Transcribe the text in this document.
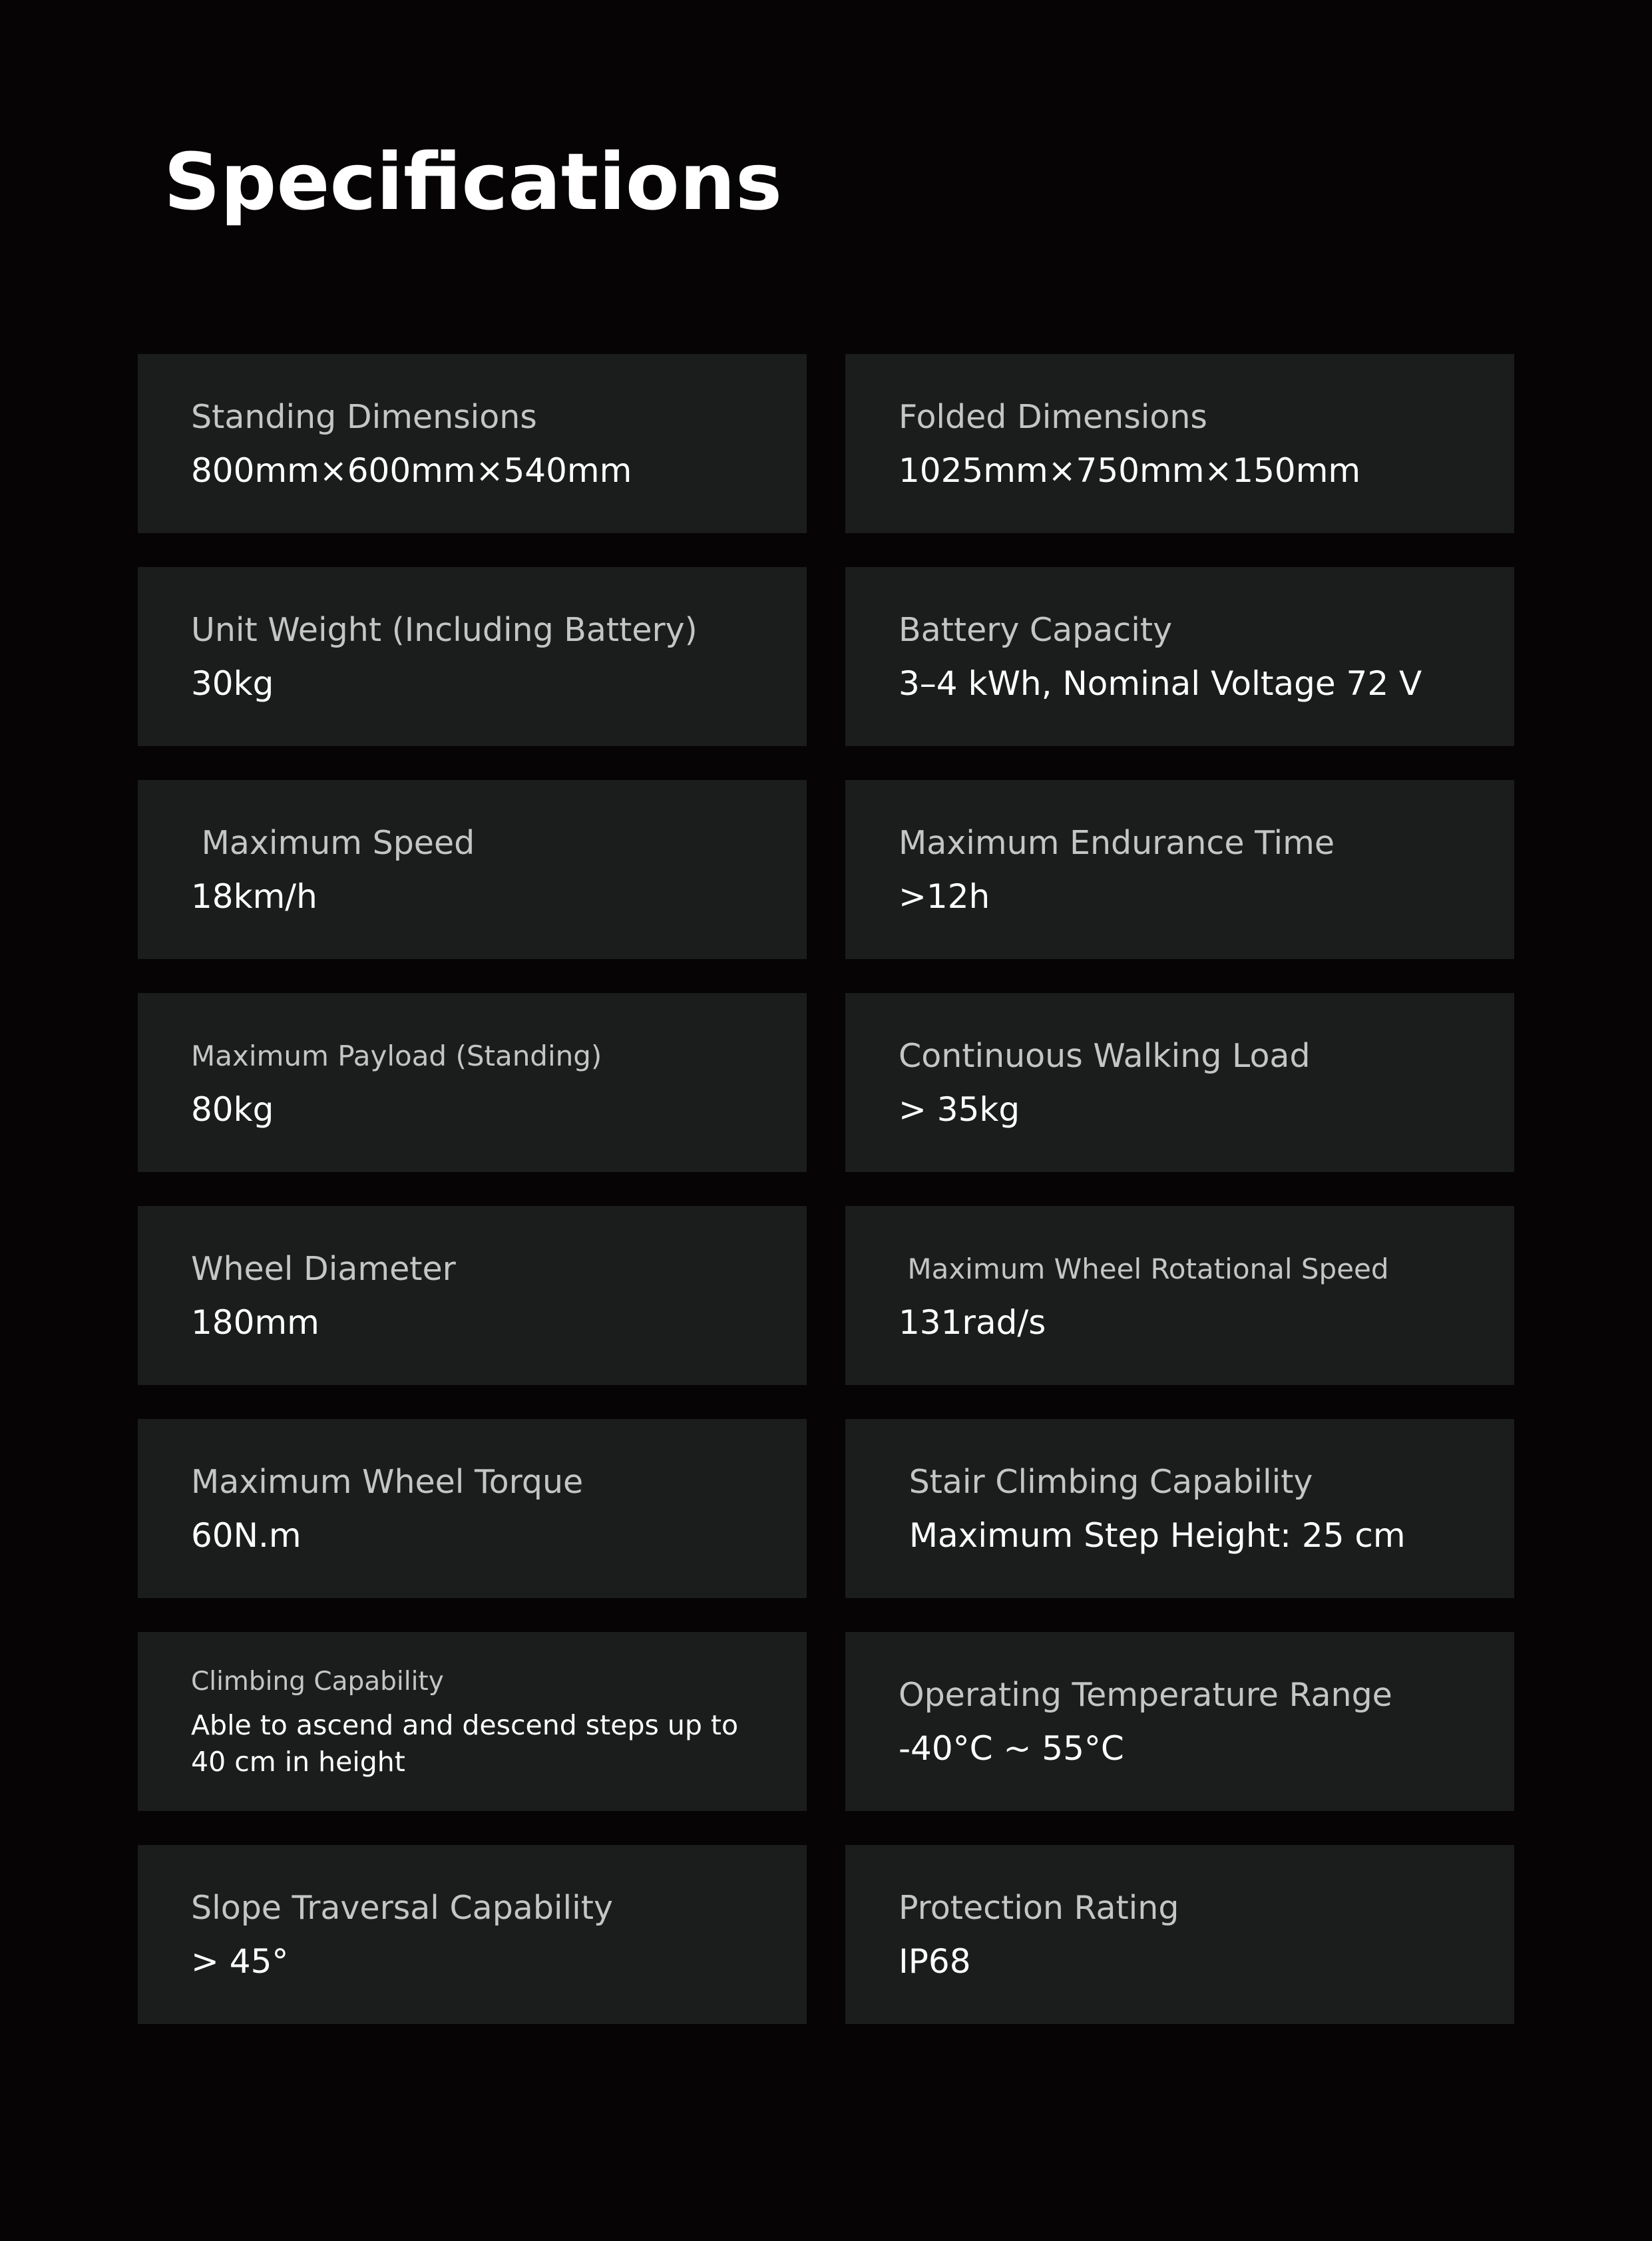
Specifications
Standing Dimensions
800mm×600mm×540mm
Folded Dimensions
1025mm×750mm×150mm
Unit Weight (Including Battery)
30kg
Battery Capacity
3–4 kWh, Nominal Voltage 72 V
Maximum Speed
18km/h
Maximum Endurance Time
>12h
Maximum Payload (Standing)
80kg
Continuous Walking Load
> 35kg
Wheel Diameter
180mm
Maximum Wheel Rotational Speed
131rad/s
Maximum Wheel Torque
60N.m
Stair Climbing Capability
Maximum Step Height: 25 cm
Climbing Capability
Able to ascend and descend steps up to 40 cm in height
Operating Temperature Range
-40°C ~ 55°C
Slope Traversal Capability
> 45°
Protection Rating
IP68
